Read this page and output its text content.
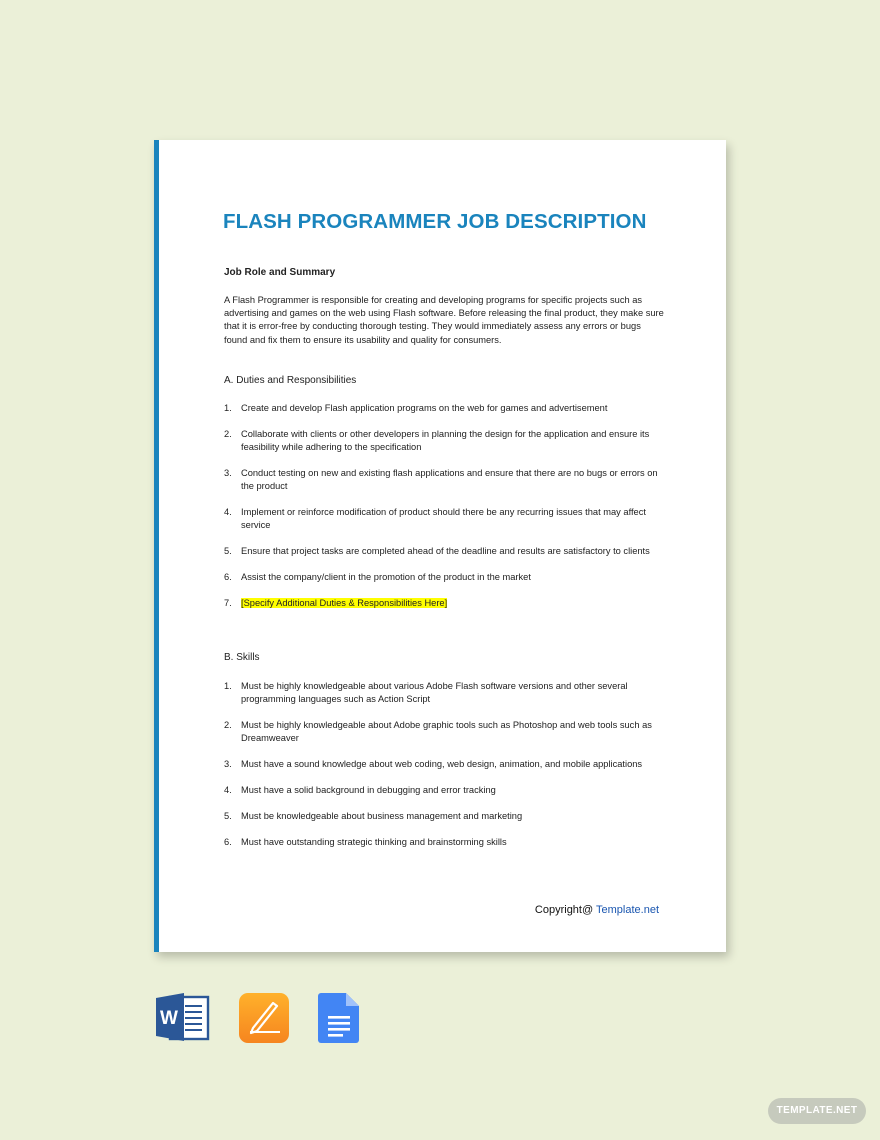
FLASH PROGRAMMER JOB DESCRIPTION
Job Role and Summary

A Flash Programmer is responsible for creating and developing programs for specific projects such as advertising and games on the web using Flash software. Before releasing the final product, they make sure that it is error-free by conducting thorough testing. They would immediately assess any errors or bugs found and fix them to ensure its usability and quality for consumers.

A. Duties and Responsibilities
1. Create and develop Flash application programs on the web for games and advertisement
2. Collaborate with clients or other developers in planning the design for the application and ensure its feasibility while adhering to the specification
3. Conduct testing on new and existing flash applications and ensure that there are no bugs or errors on the product
4. Implement or reinforce modification of product should there be any recurring issues that may affect service
5. Ensure that project tasks are completed ahead of the deadline and results are satisfactory to clients
6. Assist the company/client in the promotion of the product in the market
7. [Specify Additional Duties & Responsibilities Here]
B. Skills
1. Must be highly knowledgeable about various Adobe Flash software versions and other several programming languages such as Action Script
2. Must be highly knowledgeable about Adobe graphic tools such as Photoshop and web tools such as Dreamweaver
3. Must have a sound knowledge about web coding, web design, animation, and mobile applications
4. Must have a solid background in debugging and error tracking
5. Must be knowledgeable about business management and marketing
6. Must have outstanding strategic thinking and brainstorming skills
Copyright@ Template.net
W
TEMPLATE.NET
